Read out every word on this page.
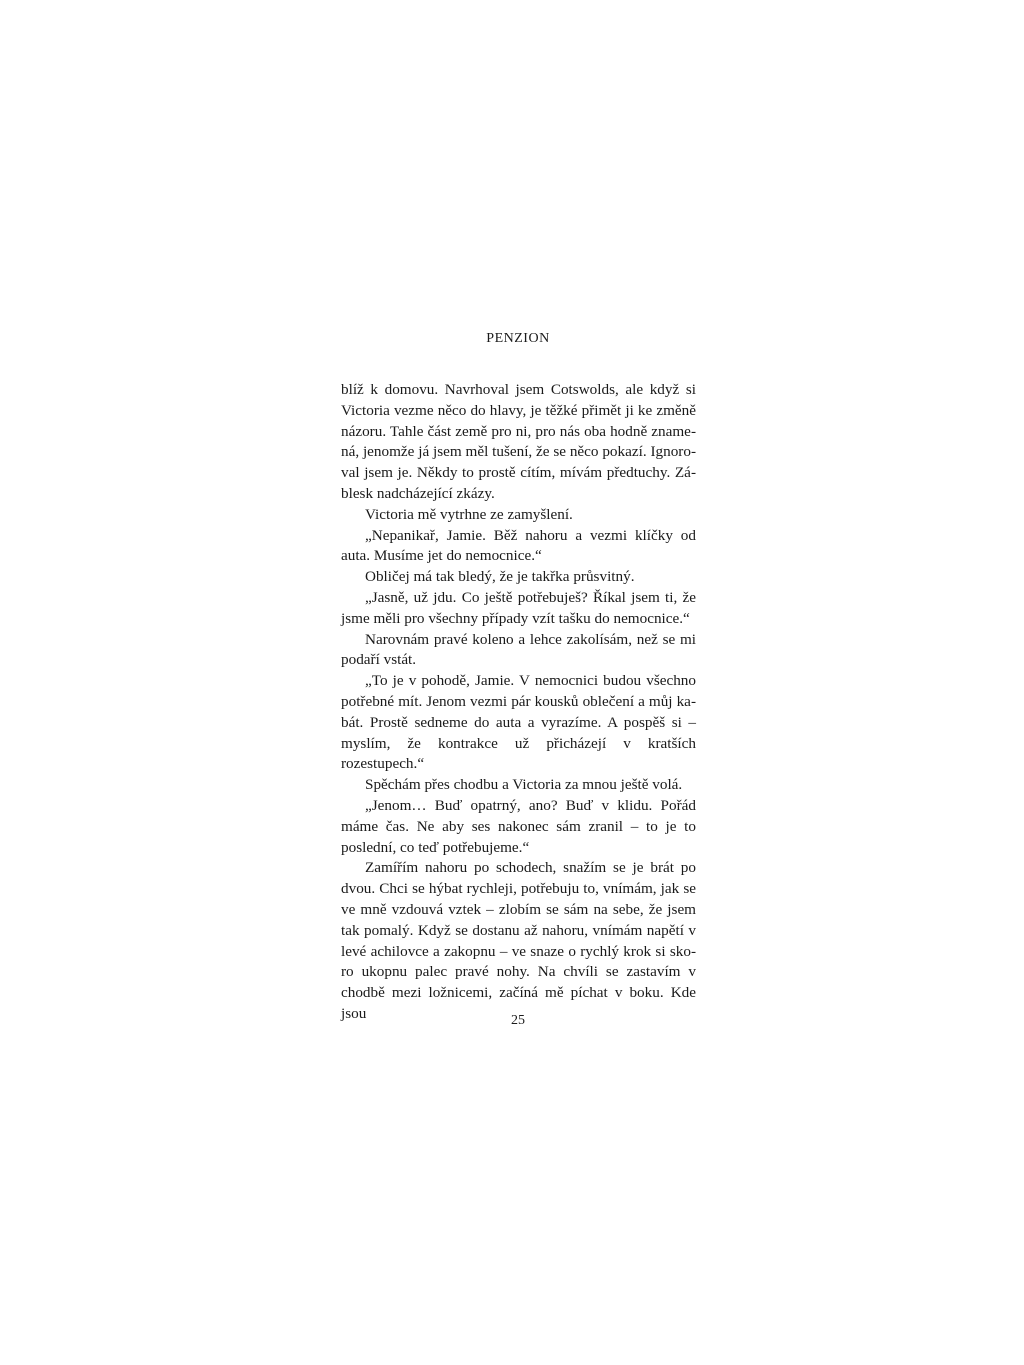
PENZION

blíž k domovu. Navrhoval jsem Cotswolds, ale když si Victoria vezme něco do hlavy, je těžké přimět ji ke změně názoru. Tahle část země pro ni, pro nás oba hodně znamená, jenomže já jsem měl tušení, že se něco pokazí. Ignoroval jsem je. Někdy to prostě cítím, mívám předtuchy. Záblesk nadcházející zkázy.

Victoria mě vytrhne ze zamyšlení.

„Nepanikař, Jamie. Běž nahoru a vezmi klíčky od auta. Musíme jet do nemocnice.“

Obličej má tak bledý, že je takřka průsvitný.

„Jasně, už jdu. Co ještě potřebuješ? Říkal jsem ti, že jsme měli pro všechny případy vzít tašku do nemocnice.“

Narovnám pravé koleno a lehce zakolísám, než se mi podaří vstát.

„To je v pohodě, Jamie. V nemocnici budou všechno potřebné mít. Jenom vezmi pár kousků oblečení a můj kabát. Prostě sedneme do auta a vyrazíme. A pospěš si – myslím, že kontrakce už přicházejí v kratších rozestupech.“

Spěchám přes chodbu a Victoria za mnou ještě volá.

„Jenom… Buď opatrný, ano? Buď v klidu. Pořád máme čas. Ne aby ses nakonec sám zranil – to je to poslední, co teď potřebujeme.“

Zamířím nahoru po schodech, snažím se je brát po dvou. Chci se hýbat rychleji, potřebuju to, vnímám, jak se ve mně vzdouvá vztek – zlobím se sám na sebe, že jsem tak pomalý. Když se dostanu až nahoru, vnímám napětí v levé achilovce a zakopnu – ve snaze o rychlý krok si skoro ukopnu palec pravé nohy. Na chvíli se zastavím v chodbě mezi ložnicemi, začíná mě píchat v boku. Kde jsou	25
